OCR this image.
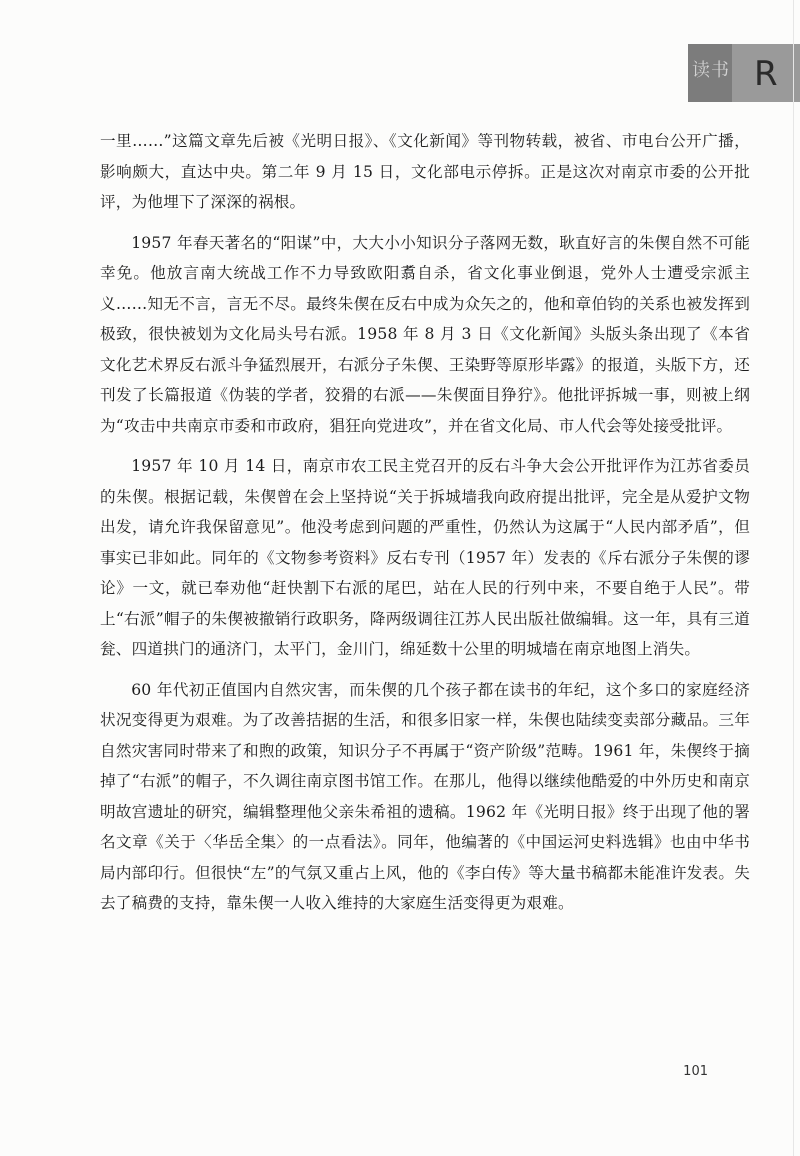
读书 R

一里……”这篇文章先后被《光明日报》、《文化新闻》等刊物转载，被省、市电台公开广播，影响颇大，直达中央。第二年 9 月 15 日，文化部电示停拆。正是这次对南京市委的公开批评，为他埋下了深深的祸根。

1957 年春天著名的“阳谋”中，大大小小知识分子落网无数，耿直好言的朱偰自然不可能幸免。他放言南大统战工作不力导致欧阳翥自杀，省文化事业倒退，党外人士遭受宗派主义……知无不言，言无不尽。最终朱偰在反右中成为众矢之的，他和章伯钧的关系也被发挥到极致，很快被划为文化局头号右派。1958 年 8 月 3 日《文化新闻》头版头条出现了《本省文化艺术界反右派斗争猛烈展开，右派分子朱偰、王染野等原形毕露》的报道，头版下方，还刊发了长篇报道《伪装的学者，狡猾的右派——朱偰面目狰狞》。他批评拆城一事，则被上纲为“攻击中共南京市委和市政府，猖狂向党进攻”，并在省文化局、市人代会等处接受批评。

1957 年 10 月 14 日，南京市农工民主党召开的反右斗争大会公开批评作为江苏省委员的朱偰。根据记载，朱偰曾在会上坚持说“关于拆城墙我向政府提出批评，完全是从爱护文物出发，请允许我保留意见”。他没考虑到问题的严重性，仍然认为这属于“人民内部矛盾”，但事实已非如此。同年的《文物参考资料》反右专刊（1957 年）发表的《斥右派分子朱偰的谬论》一文，就已奉劝他“赶快割下右派的尾巴，站在人民的行列中来，不要自绝于人民”。带上“右派”帽子的朱偰被撤销行政职务，降两级调往江苏人民出版社做编辑。这一年，具有三道瓮、四道拱门的通济门，太平门，金川门，绵延数十公里的明城墙在南京地图上消失。

60 年代初正值国内自然灾害，而朱偰的几个孩子都在读书的年纪，这个多口的家庭经济状况变得更为艰难。为了改善拮据的生活，和很多旧家一样，朱偰也陆续变卖部分藏品。三年自然灾害同时带来了和煦的政策，知识分子不再属于“资产阶级”范畴。1961 年，朱偰终于摘掉了“右派”的帽子，不久调往南京图书馆工作。在那儿，他得以继续他酷爱的中外历史和南京明故宫遗址的研究，编辑整理他父亲朱希祖的遗稿。1962 年《光明日报》终于出现了他的署名文章《关于〈华岳全集〉的一点看法》。同年，他编著的《中国运河史料选辑》也由中华书局内部印行。但很快“左”的气氛又重占上风，他的《李白传》等大量书稿都未能准许发表。失去了稿费的支持，靠朱偰一人收入维持的大家庭生活变得更为艰难。

101
